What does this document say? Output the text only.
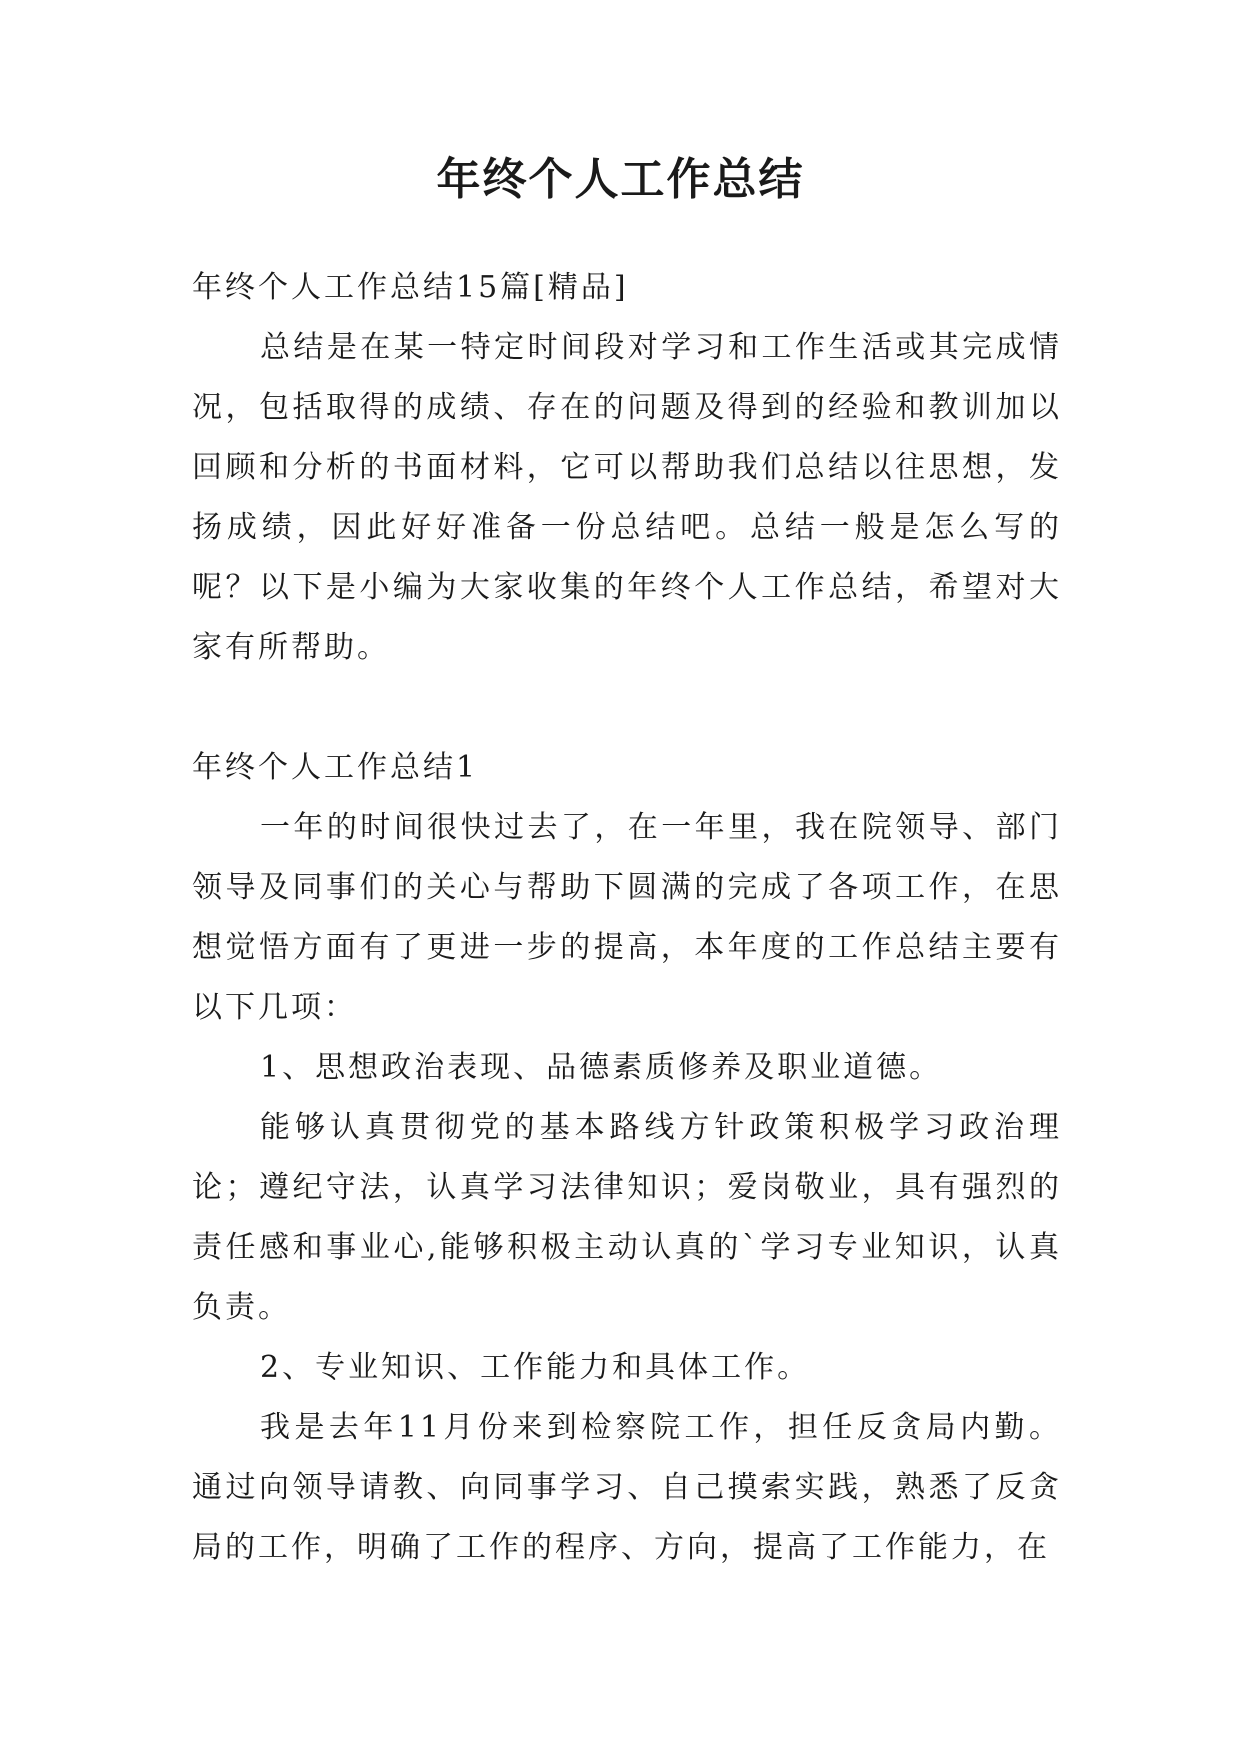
年终个人工作总结

年终个人工作总结15篇[精品]

总结是在某一特定时间段对学习和工作生活或其完成情况，包括取得的成绩、存在的问题及得到的经验和教训加以回顾和分析的书面材料，它可以帮助我们总结以往思想，发扬成绩，因此好好准备一份总结吧。总结一般是怎么写的呢？以下是小编为大家收集的年终个人工作总结，希望对大家有所帮助。

年终个人工作总结1

一年的时间很快过去了，在一年里，我在院领导、部门领导及同事们的关心与帮助下圆满的完成了各项工作，在思想觉悟方面有了更进一步的提高，本年度的工作总结主要有以下几项：

1、思想政治表现、品德素质修养及职业道德。

能够认真贯彻党的基本路线方针政策积极学习政治理论；遵纪守法，认真学习法律知识；爱岗敬业，具有强烈的责任感和事业心,能够积极主动认真的`学习专业知识，认真负责。

2、专业知识、工作能力和具体工作。

我是去年11月份来到检察院工作，担任反贪局内勤。通过向领导请教、向同事学习、自己摸索实践，熟悉了反贪局的工作，明确了工作的程序、方向，提高了工作能力，在
